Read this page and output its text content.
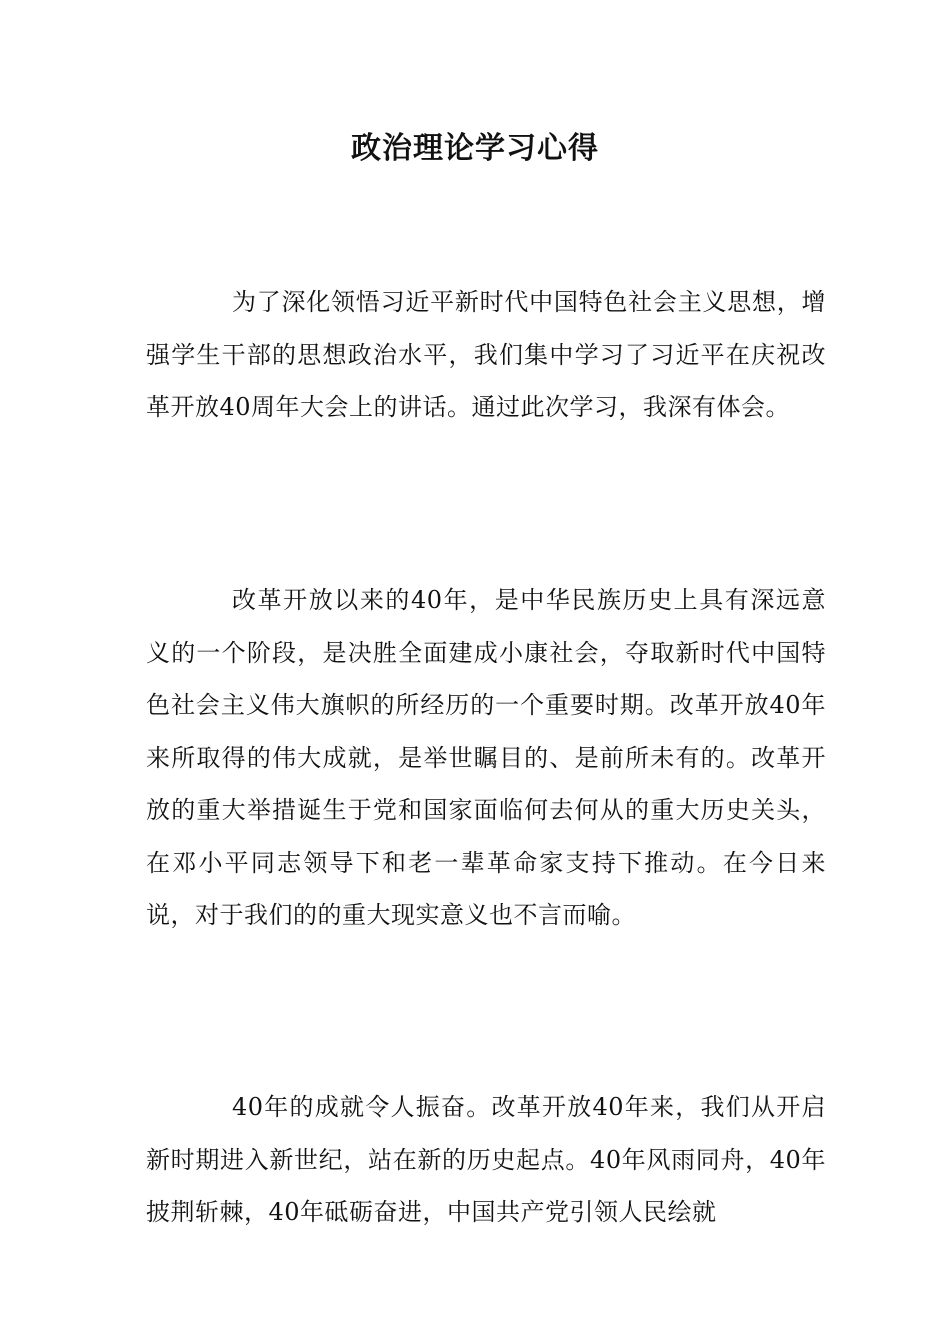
政治理论学习心得

为了深化领悟习近平新时代中国特色社会主义思想，增强学生干部的思想政治水平，我们集中学习了习近平在庆祝改革开放40周年大会上的讲话。通过此次学习，我深有体会。

改革开放以来的40年，是中华民族历史上具有深远意义的一个阶段，是决胜全面建成小康社会，夺取新时代中国特色社会主义伟大旗帜的所经历的一个重要时期。改革开放40年来所取得的伟大成就，是举世瞩目的、是前所未有的。改革开放的重大举措诞生于党和国家面临何去何从的重大历史关头，在邓小平同志领导下和老一辈革命家支持下推动。在今日来说，对于我们的的重大现实意义也不言而喻。

40年的成就令人振奋。改革开放40年来，我们从开启新时期进入新世纪，站在新的历史起点。40年风雨同舟，40年披荆斩棘，40年砥砺奋进，中国共产党引领人民绘就
